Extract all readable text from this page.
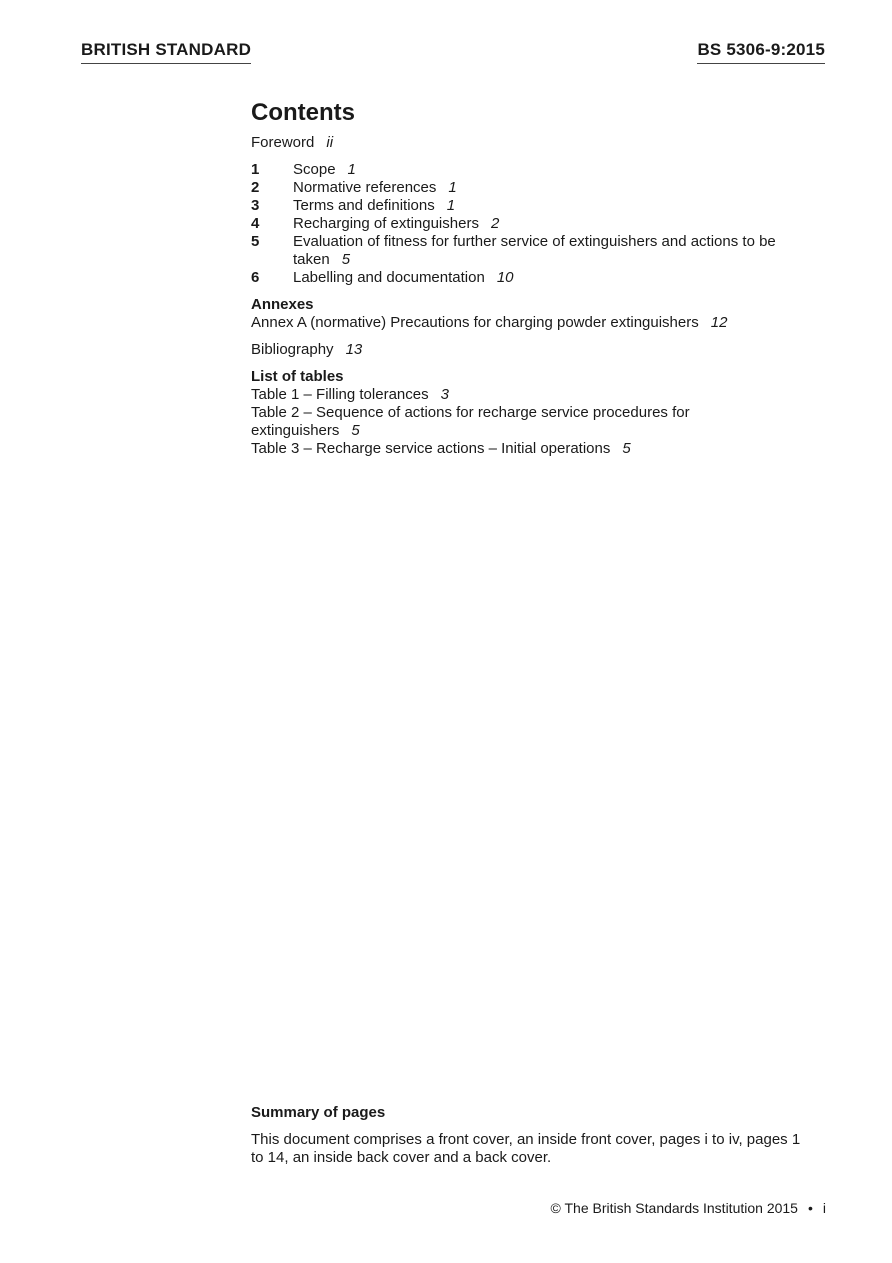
BRITISH STANDARD	BS 5306-9:2015
Contents
Foreword ii
1	Scope 1
2	Normative references 1
3	Terms and definitions 1
4	Recharging of extinguishers 2
5	Evaluation of fitness for further service of extinguishers and actions to be taken 5
6	Labelling and documentation 10
Annexes
Annex A (normative) Precautions for charging powder extinguishers 12
Bibliography 13
List of tables
Table 1 – Filling tolerances 3
Table 2 – Sequence of actions for recharge service procedures for extinguishers 5
Table 3 – Recharge service actions – Initial operations 5
Summary of pages
This document comprises a front cover, an inside front cover, pages i to iv, pages 1 to 14, an inside back cover and a back cover.
© The British Standards Institution 2015 • i
